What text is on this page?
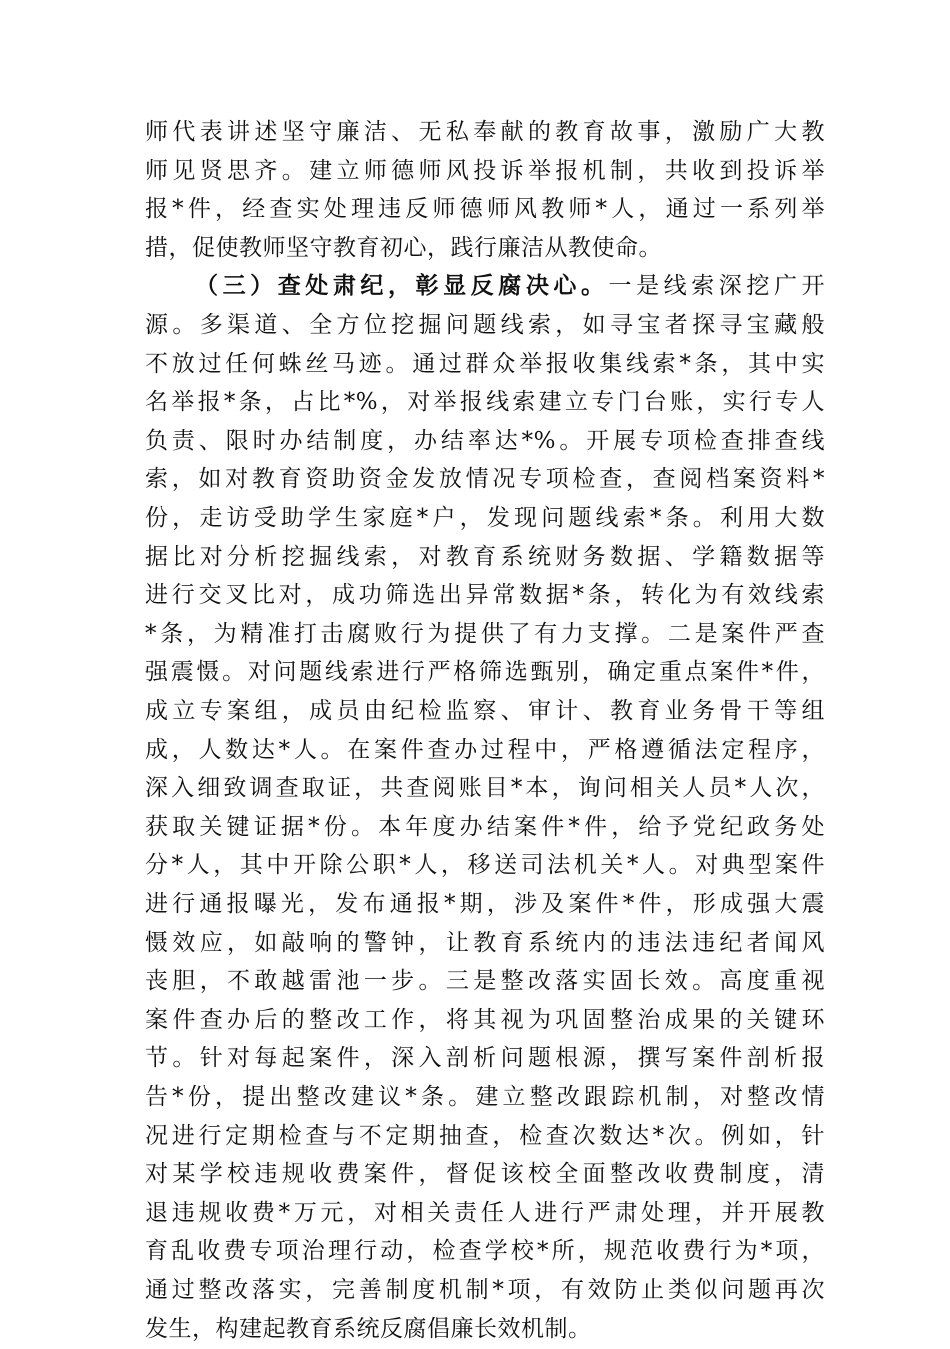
师代表讲述坚守廉洁、无私奉献的教育故事，激励广大教
师见贤思齐。建立师德师风投诉举报机制，共收到投诉举
报*件，经查实处理违反师德师风教师*人，通过一系列举
措，促使教师坚守教育初心，践行廉洁从教使命。
（三）查处肃纪，彰显反腐决心。一是线索深挖广开
源。多渠道、全方位挖掘问题线索，如寻宝者探寻宝藏般
不放过任何蛛丝马迹。通过群众举报收集线索*条，其中实
名举报*条，占比*%，对举报线索建立专门台账，实行专人
负责、限时办结制度，办结率达*%。开展专项检查排查线
索，如对教育资助资金发放情况专项检查，查阅档案资料*
份，走访受助学生家庭*户，发现问题线索*条。利用大数
据比对分析挖掘线索，对教育系统财务数据、学籍数据等
进行交叉比对，成功筛选出异常数据*条，转化为有效线索
*条，为精准打击腐败行为提供了有力支撑。二是案件严查
强震慑。对问题线索进行严格筛选甄别，确定重点案件*件，
成立专案组，成员由纪检监察、审计、教育业务骨干等组
成，人数达*人。在案件查办过程中，严格遵循法定程序，
深入细致调查取证，共查阅账目*本，询问相关人员*人次，
获取关键证据*份。本年度办结案件*件，给予党纪政务处
分*人，其中开除公职*人，移送司法机关*人。对典型案件
进行通报曝光，发布通报*期，涉及案件*件，形成强大震
慑效应，如敲响的警钟，让教育系统内的违法违纪者闻风
丧胆，不敢越雷池一步。三是整改落实固长效。高度重视
案件查办后的整改工作，将其视为巩固整治成果的关键环
节。针对每起案件，深入剖析问题根源，撰写案件剖析报
告*份，提出整改建议*条。建立整改跟踪机制，对整改情
况进行定期检查与不定期抽查，检查次数达*次。例如，针
对某学校违规收费案件，督促该校全面整改收费制度，清
退违规收费*万元，对相关责任人进行严肃处理，并开展教
育乱收费专项治理行动，检查学校*所，规范收费行为*项，
通过整改落实，完善制度机制*项，有效防止类似问题再次
发生，构建起教育系统反腐倡廉长效机制。
